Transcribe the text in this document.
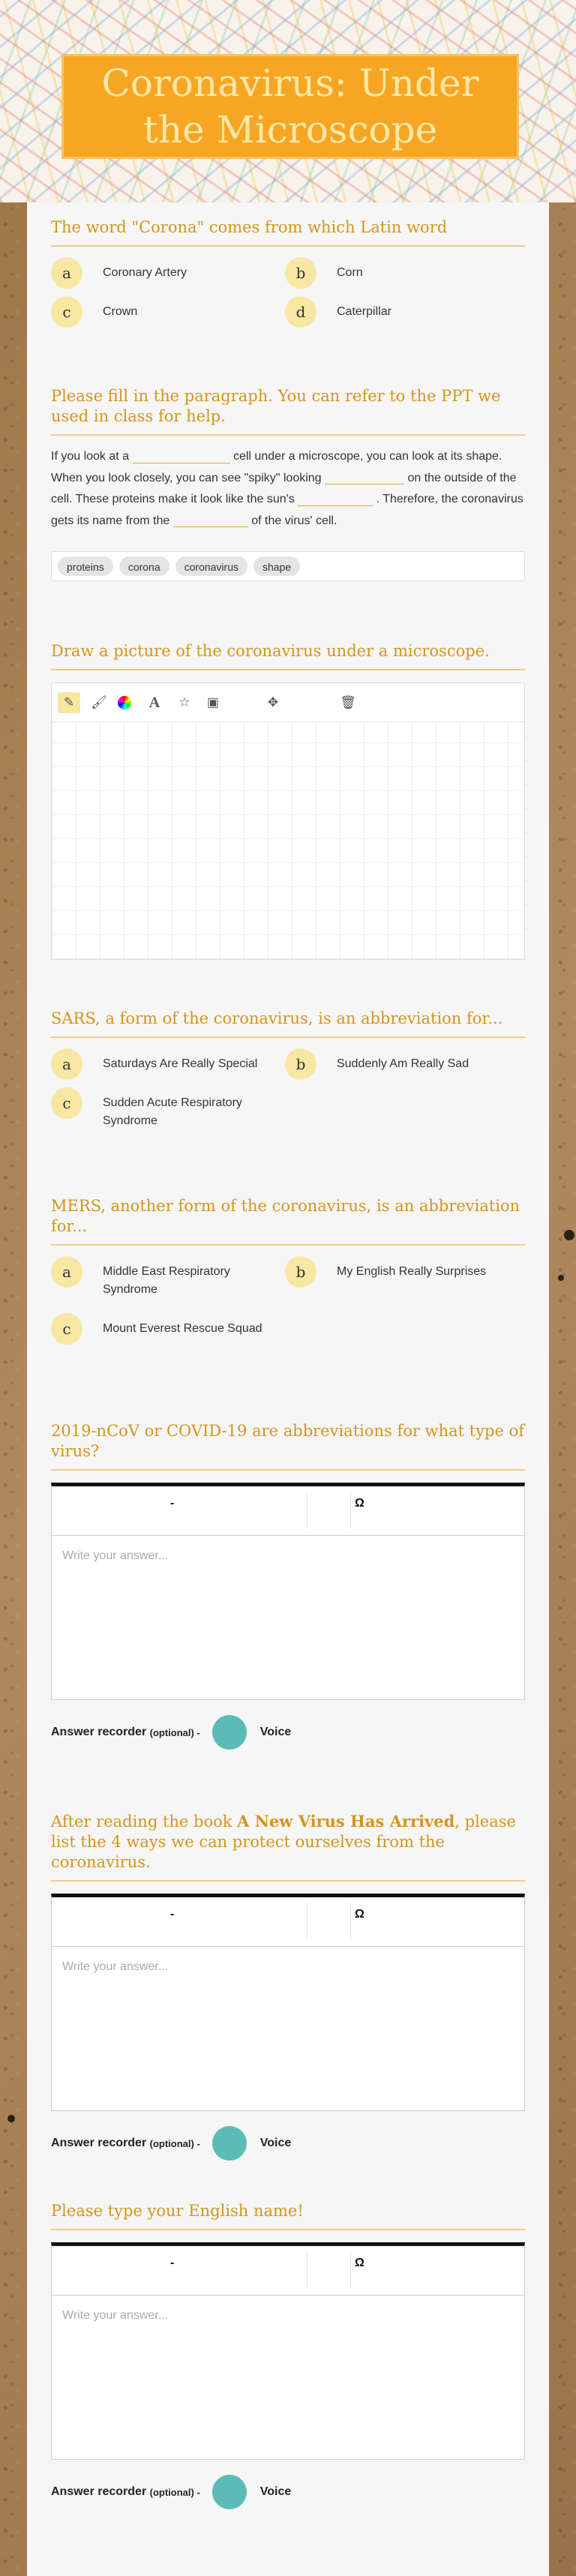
Coronavirus: Under the Microscope
The word "Corona" comes from which Latin word
a	Coronary Artery	b	Corn
c	Crown	d	Caterpillar
Please fill in the paragraph. You can refer to the PPT we used in class for help.
If you look at a	cell under a microscope, you can look at its shape. When you look closely, you can see "spiky" looking	on the outside of the cell. These proteins make it look like the sun's	. Therefore, the coronavirus gets its name from the	of the virus' cell.
proteins	corona	coronavirus	shape
Draw a picture of the coronavirus under a microscope.
✎	🖌	A	☆	▣	✥	🗑
SARS, a form of the coronavirus, is an abbreviation for...
a	Saturdays Are Really Special	b	Suddenly Am Really Sad
c	Sudden Acute Respiratory Syndrome
MERS, another form of the coronavirus, is an abbreviation for...
a	Middle East Respiratory Syndrome
b	My English Really Surprises
c	Mount Everest Rescue Squad
2019-nCoV or COVID-19 are abbreviations for what type of virus?
-	Ω
Write your answer...
Answer recorder
(optional) -	Voice
After reading the book A New Virus Has Arrived, please list the 4 ways we can protect ourselves from the coronavirus.
-	Ω
Write your answer...
Answer recorder
(optional) -	Voice
Please type your English name!
-	Ω
Write your answer...
Answer recorder
(optional) -	Voice
